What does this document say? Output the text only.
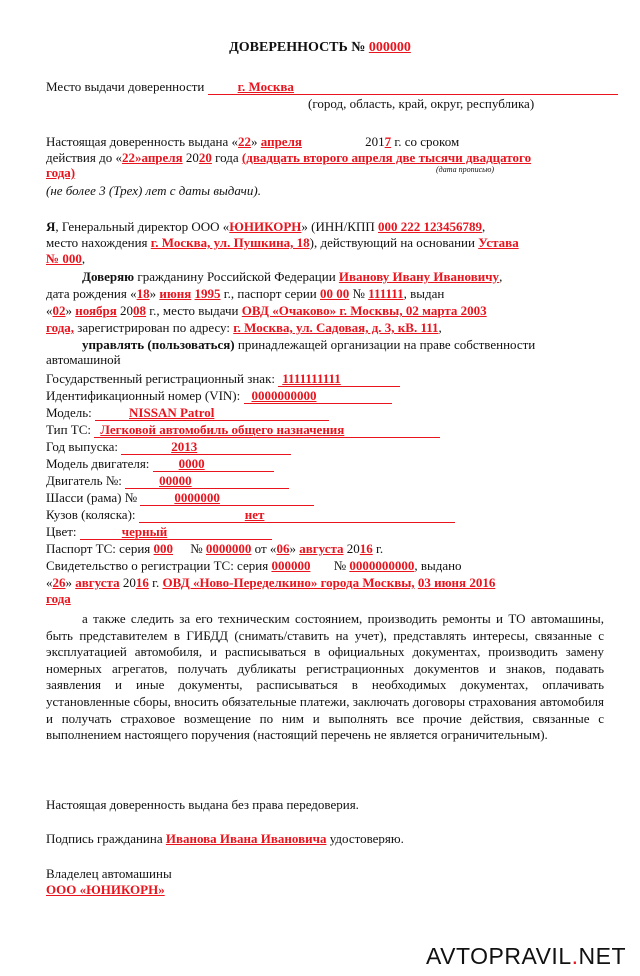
ДОВЕРЕННОСТЬ № 000000
Место выдачи доверенности	г. Москва
(город, область, край, округ, республика)
Настоящая доверенность выдана «22» апреля	2017 г. со сроком
действия до «22»апреля 2020 года (двадцать второго апреля две тысячи двадцатого
года)	(дата прописью)
(не более 3 (Трех) лет с даты выдачи).
Я, Генеральный директор ООО «ЮНИКОРН» (ИНН/КПП 000 222 123456789,
место нахождения г. Москва, ул. Пушкина, 18), действующий на основании Устава
№ 000,
Доверяю гражданину Российской Федерации Иванову Ивану Ивановичу,
дата рождения «18» июня 1995 г., паспорт серии 00 00 № 111111, выдан
«02» ноября 2008 г., место выдачи ОВД «Очаково» г. Москвы, 02 марта 2003
года, зарегистрирован по адресу: г. Москва, ул. Садовая, д. 3, кВ. 111,
управлять (пользоваться) принадлежащей организации на праве собственности
автомашиной
Государственный регистрационный знак: 1111111111
Идентификационный номер (VIN): 0000000000
Модель:	NISSAN Patrol
Тип ТС: Легковой автомобиль общего назначения
Год выпуска:	2013
Модель двигателя: 0000
Двигатель №:	00000
Шасси (рама) №	0000000
Кузов (коляска):	нет
Цвет:	черный
Паспорт ТС: серия 000 № 0000000 от «06» августа 2016 г.
Свидетельство о регистрации ТС: серия 000000 № 0000000000, выдано
«26» августа 2016 г. ОВД «Ново-Переделкино» города Москвы, 03 июня 2016
года
а также следить за его техническим состоянием, производить ремонты и ТО автомашины, быть представителем в ГИБДД (снимать/ставить на учет), представлять интересы, связанные с эксплуатацией автомобиля, и расписываться в официальных документах, производить замену номерных агрегатов, получать дубликаты регистрационных документов и знаков, подавать заявления и иные документы, расписываться в необходимых документах, оплачивать установленные сборы, вносить обязательные платежи, заключать договоры страхования автомобиля и получать страховое возмещение по ним и выполнять все прочие действия, связанные с выполнением настоящего поручения (настоящий перечень не является ограничительным).
Настоящая доверенность выдана без права передоверия.
Подпись гражданина Иванова Ивана Ивановича удостоверяю.
Владелец автомашины
ООО «ЮНИКОРН»
AVTOPRAVIL.NET
